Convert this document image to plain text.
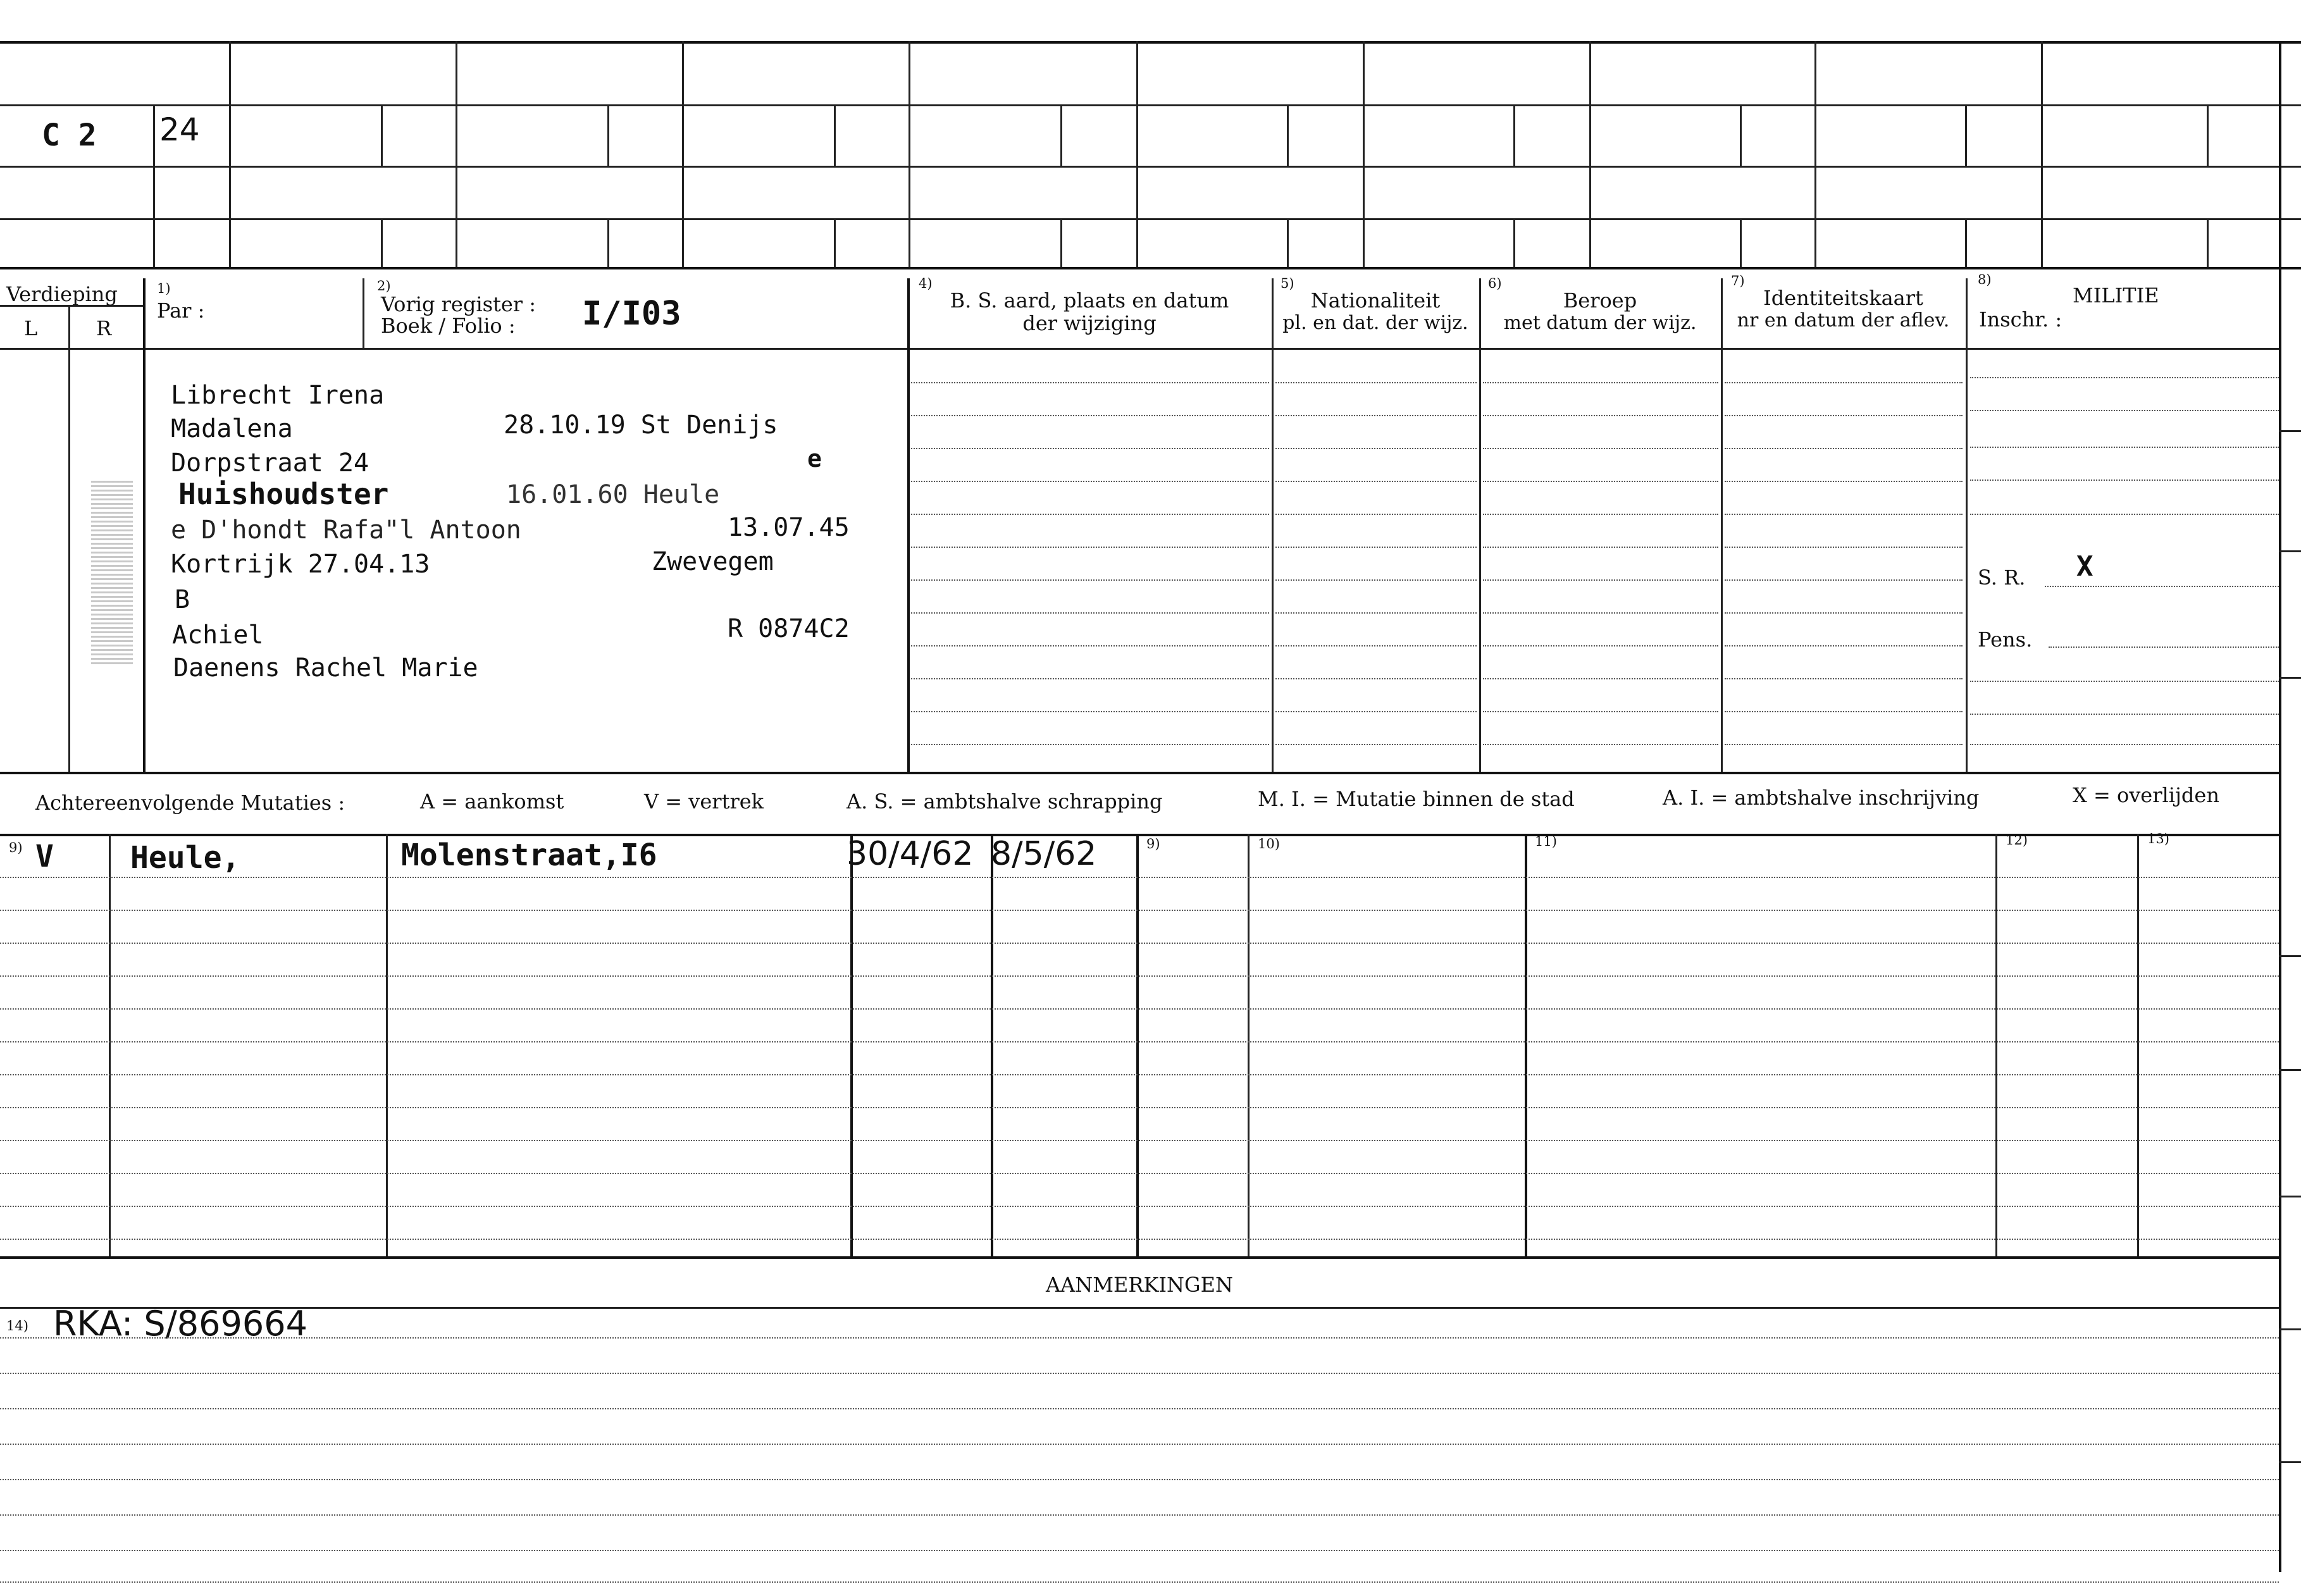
C 2 24
Verdieping
L	R
1)
Par :
2)
Vorig register :
Boek / Folio : I/I03
4)
B. S. aard, plaats en datum
der wijziging
5)
Nationaliteit
pl. en dat. der wijz.
6)
Beroep
met datum der wijz.
7)
Identiteitskaart
nr en datum der aflev.
8)
MILITIE
Inschr. :
S. R. X
Pens.
Librecht Irena
Madalena	28.10.19 St Denijs
Dorpstraat 24	e
Huishoudster	16.01.60 Heule
e D'hondt Rafa"l Antoon	13.07.45
Kortrijk 27.04.13	Zwevegem
B
Achiel	R 0874C2
Daenens Rachel Marie
Achtereenvolgende Mutaties :	A = aankomst	V = vertrek	A. S. = ambtshalve schrapping	M. I. = Mutatie binnen de stad	A. I. = ambtshalve inschrijving	X = overlijden
9)	9)	10)	11)	12)	13)
V	Heule,	Molenstraat,I6	30/4/62 8/5/62
AANMERKINGEN
14) RKA: S/869664
